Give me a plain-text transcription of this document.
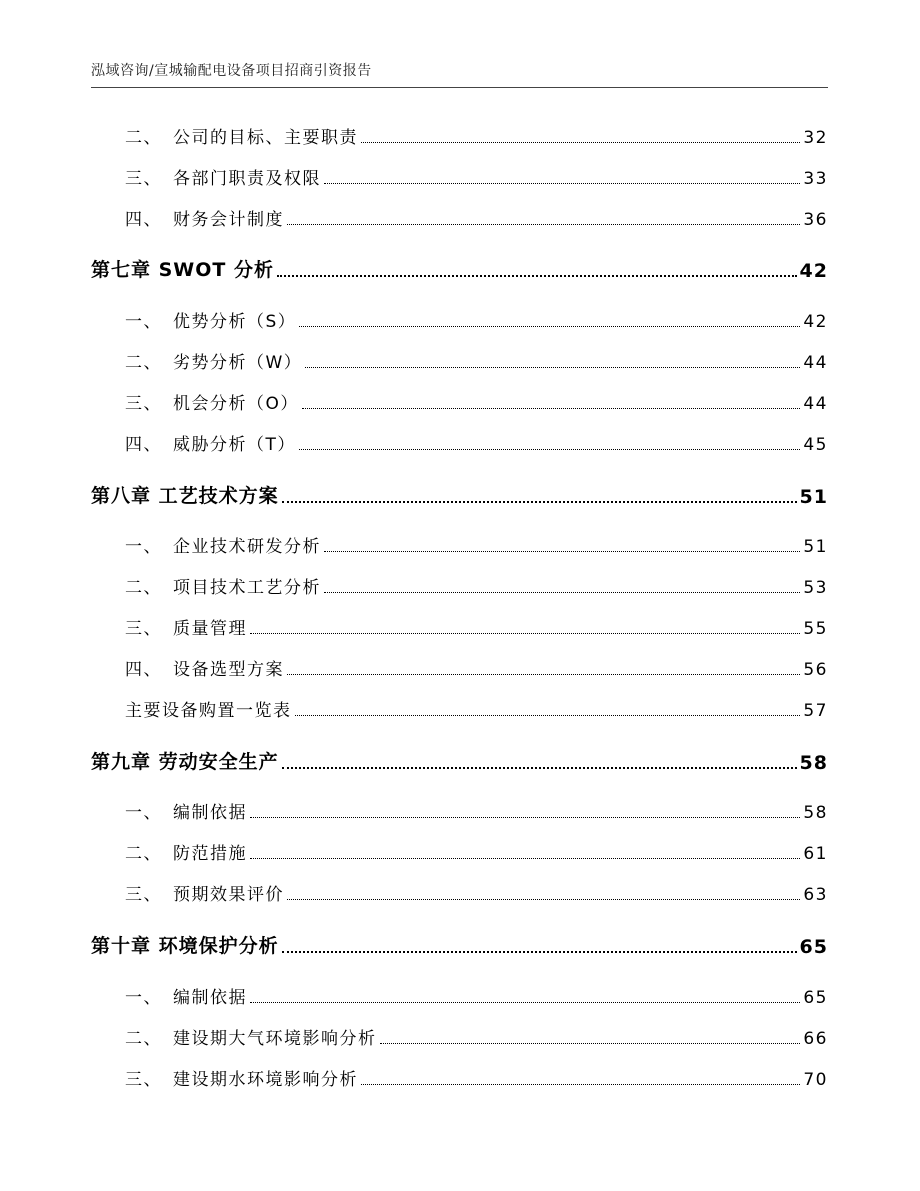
泓域咨询/宣城输配电设备项目招商引资报告
二、 公司的目标、主要职责	32
三、 各部门职责及权限	33
四、 财务会计制度	36
第七章 SWOT 分析	42
一、 优势分析（S）	42
二、 劣势分析（W）	44
三、 机会分析（O）	44
四、 威胁分析（T）	45
第八章 工艺技术方案	51
一、 企业技术研发分析	51
二、 项目技术工艺分析	53
三、 质量管理	55
四、 设备选型方案	56
主要设备购置一览表	57
第九章 劳动安全生产	58
一、 编制依据	58
二、 防范措施	61
三、 预期效果评价	63
第十章 环境保护分析	65
一、 编制依据	65
二、 建设期大气环境影响分析	66
三、 建设期水环境影响分析	70
